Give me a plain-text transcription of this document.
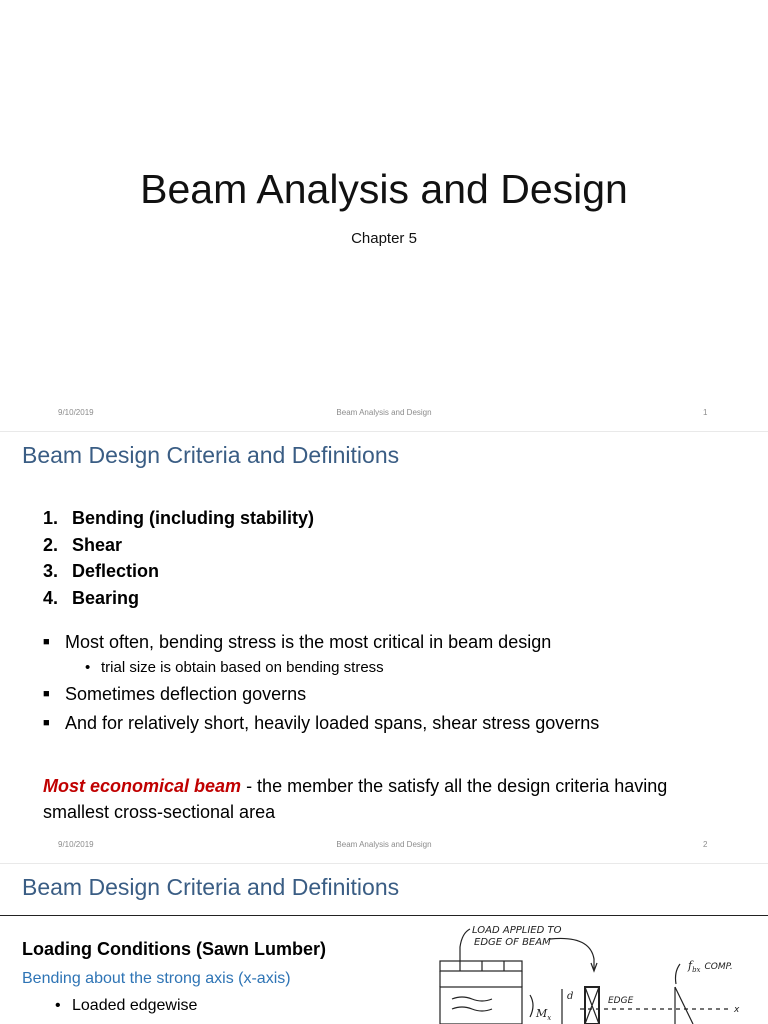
Beam Analysis and Design
Chapter 5
9/10/2019	Beam Analysis and Design	1
Beam Design Criteria and Definitions
1. Bending (including stability)
2. Shear
3. Deflection
4. Bearing
■ Most often, bending stress is the most critical in beam design
• trial size is obtain based on bending stress
■ Sometimes deflection governs
■ And for relatively short, heavily loaded spans, shear stress governs

Most economical beam - the member the satisfy all the design criteria having smallest cross-sectional area

9/10/2019	Beam Analysis and Design	2
Beam Design Criteria and Definitions
Loading Conditions (Sawn Lumber)
Bending about the strong axis (x-axis)
• Loaded edgewise
LOAD APPLIED TO
EDGE OF BEAM
$M_x$
d	EDGE
x
$f_{bx}$ $^{COMP.}$
